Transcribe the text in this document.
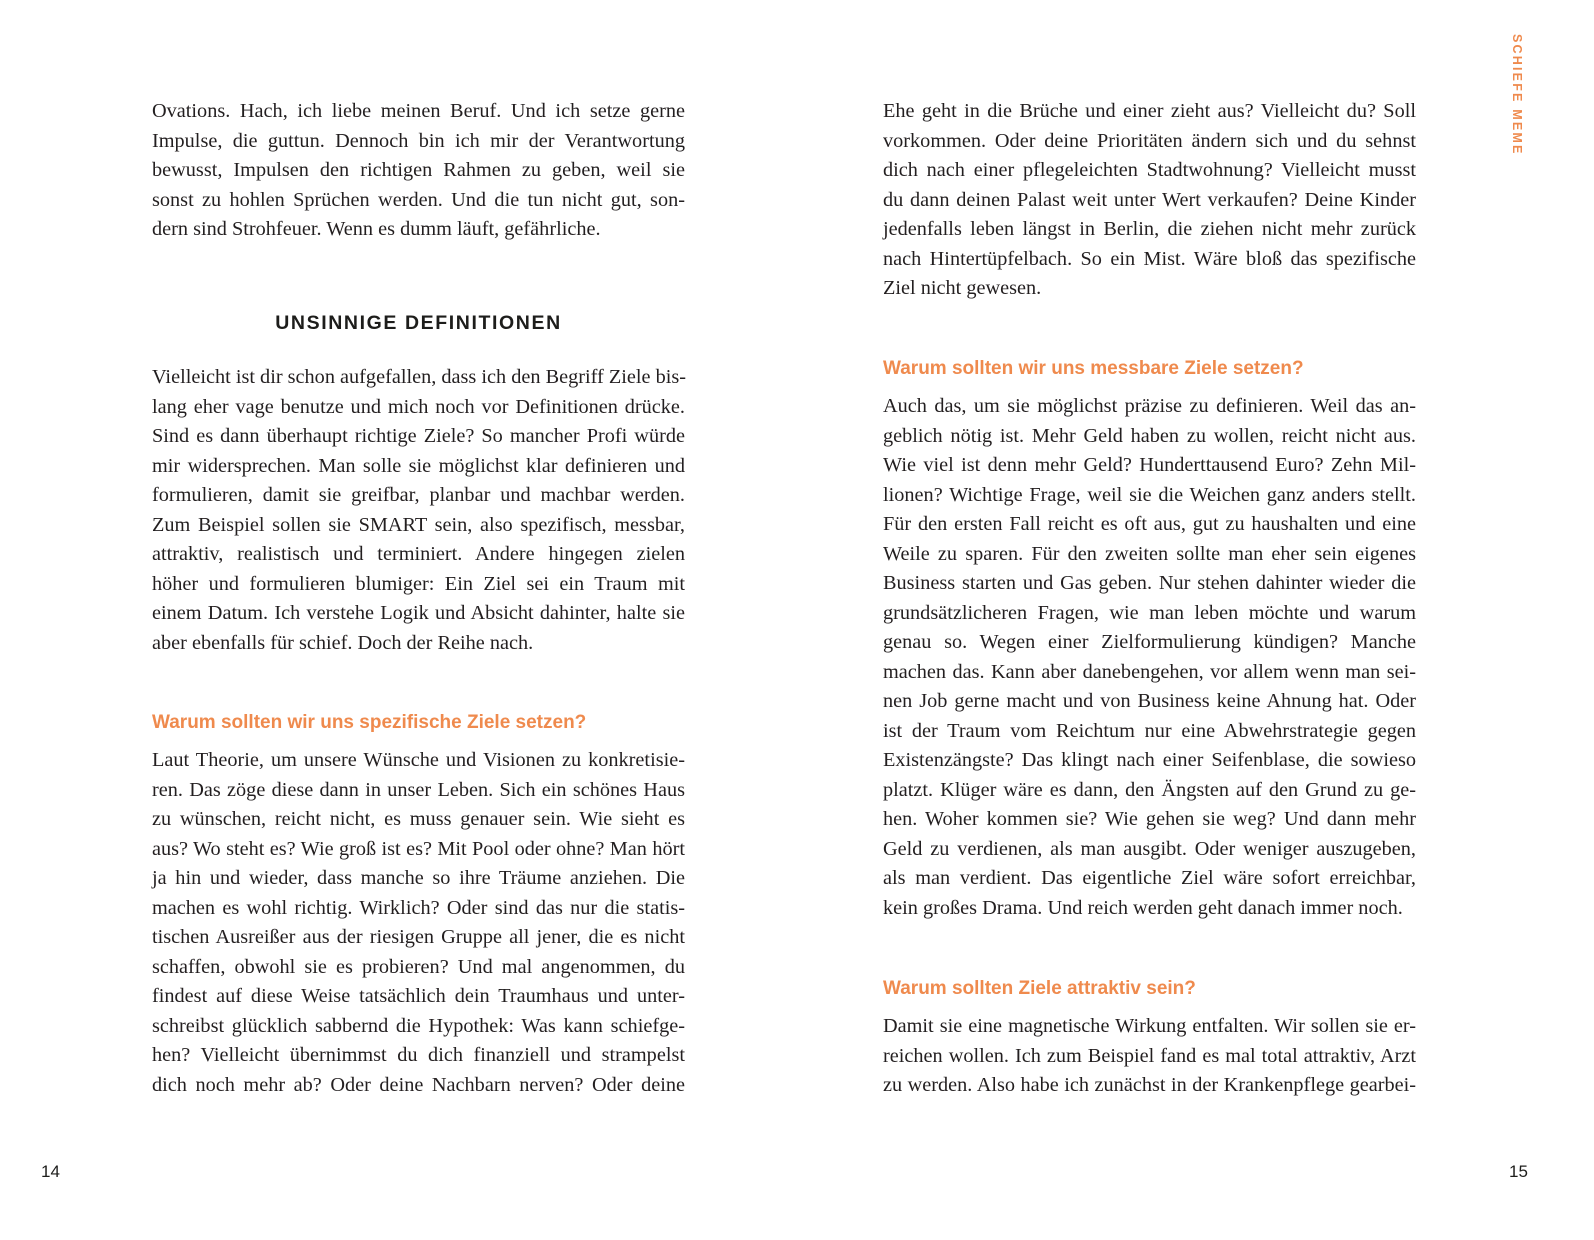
Ovations. Hach, ich liebe meinen Beruf. Und ich setze gerne
Impulse, die guttun. Dennoch bin ich mir der Verantwortung
bewusst, Impulsen den richtigen Rahmen zu geben, weil sie
sonst zu hohlen Sprüchen werden. Und die tun nicht gut, son-
dern sind Strohfeuer. Wenn es dumm läuft, gefährliche.
UNSINNIGE DEFINITIONEN
Vielleicht ist dir schon aufgefallen, dass ich den Begriff Ziele bis-
lang eher vage benutze und mich noch vor Definitionen drücke.
Sind es dann überhaupt richtige Ziele? So mancher Profi würde
mir widersprechen. Man solle sie möglichst klar definieren und
formulieren, damit sie greifbar, planbar und machbar werden.
Zum Beispiel sollen sie SMART sein, also spezifisch, messbar,
attraktiv, realistisch und terminiert. Andere hingegen zielen
höher und formulieren blumiger: Ein Ziel sei ein Traum mit
einem Datum. Ich verstehe Logik und Absicht dahinter, halte sie
aber ebenfalls für schief. Doch der Reihe nach.
Warum sollten wir uns spezifische Ziele setzen?
Laut Theorie, um unsere Wünsche und Visionen zu konkretisie-
ren. Das zöge diese dann in unser Leben. Sich ein schönes Haus
zu wünschen, reicht nicht, es muss genauer sein. Wie sieht es
aus? Wo steht es? Wie groß ist es? Mit Pool oder ohne? Man hört
ja hin und wieder, dass manche so ihre Träume anziehen. Die
machen es wohl richtig. Wirklich? Oder sind das nur die statis-
tischen Ausreißer aus der riesigen Gruppe all jener, die es nicht
schaffen, obwohl sie es probieren? Und mal angenommen, du
findest auf diese Weise tatsächlich dein Traumhaus und unter-
schreibst glücklich sabbernd die Hypothek: Was kann schiefge-
hen? Vielleicht übernimmst du dich finanziell und strampelst
dich noch mehr ab? Oder deine Nachbarn nerven? Oder deine
14
Ehe geht in die Brüche und einer zieht aus? Vielleicht du? Soll
vorkommen. Oder deine Prioritäten ändern sich und du sehnst
dich nach einer pflegeleichten Stadtwohnung? Vielleicht musst
du dann deinen Palast weit unter Wert verkaufen? Deine Kinder
jedenfalls leben längst in Berlin, die ziehen nicht mehr zurück
nach Hintertüpfelbach. So ein Mist. Wäre bloß das spezifische
Ziel nicht gewesen.
Warum sollten wir uns messbare Ziele setzen?
Auch das, um sie möglichst präzise zu definieren. Weil das an-
geblich nötig ist. Mehr Geld haben zu wollen, reicht nicht aus.
Wie viel ist denn mehr Geld? Hunderttausend Euro? Zehn Mil-
lionen? Wichtige Frage, weil sie die Weichen ganz anders stellt.
Für den ersten Fall reicht es oft aus, gut zu haushalten und eine
Weile zu sparen. Für den zweiten sollte man eher sein eigenes
Business starten und Gas geben. Nur stehen dahinter wieder die
grundsätzlicheren Fragen, wie man leben möchte und warum
genau so. Wegen einer Zielformulierung kündigen? Manche
machen das. Kann aber danebengehen, vor allem wenn man sei-
nen Job gerne macht und von Business keine Ahnung hat. Oder
ist der Traum vom Reichtum nur eine Abwehrstrategie gegen
Existenzängste? Das klingt nach einer Seifenblase, die sowieso
platzt. Klüger wäre es dann, den Ängsten auf den Grund zu ge-
hen. Woher kommen sie? Wie gehen sie weg? Und dann mehr
Geld zu verdienen, als man ausgibt. Oder weniger auszugeben,
als man verdient. Das eigentliche Ziel wäre sofort erreichbar,
kein großes Drama. Und reich werden geht danach immer noch.
Warum sollten Ziele attraktiv sein?
Damit sie eine magnetische Wirkung entfalten. Wir sollen sie er-
reichen wollen. Ich zum Beispiel fand es mal total attraktiv, Arzt
zu werden. Also habe ich zunächst in der Krankenpflege gearbei-
SCHIEFE MEME
15
